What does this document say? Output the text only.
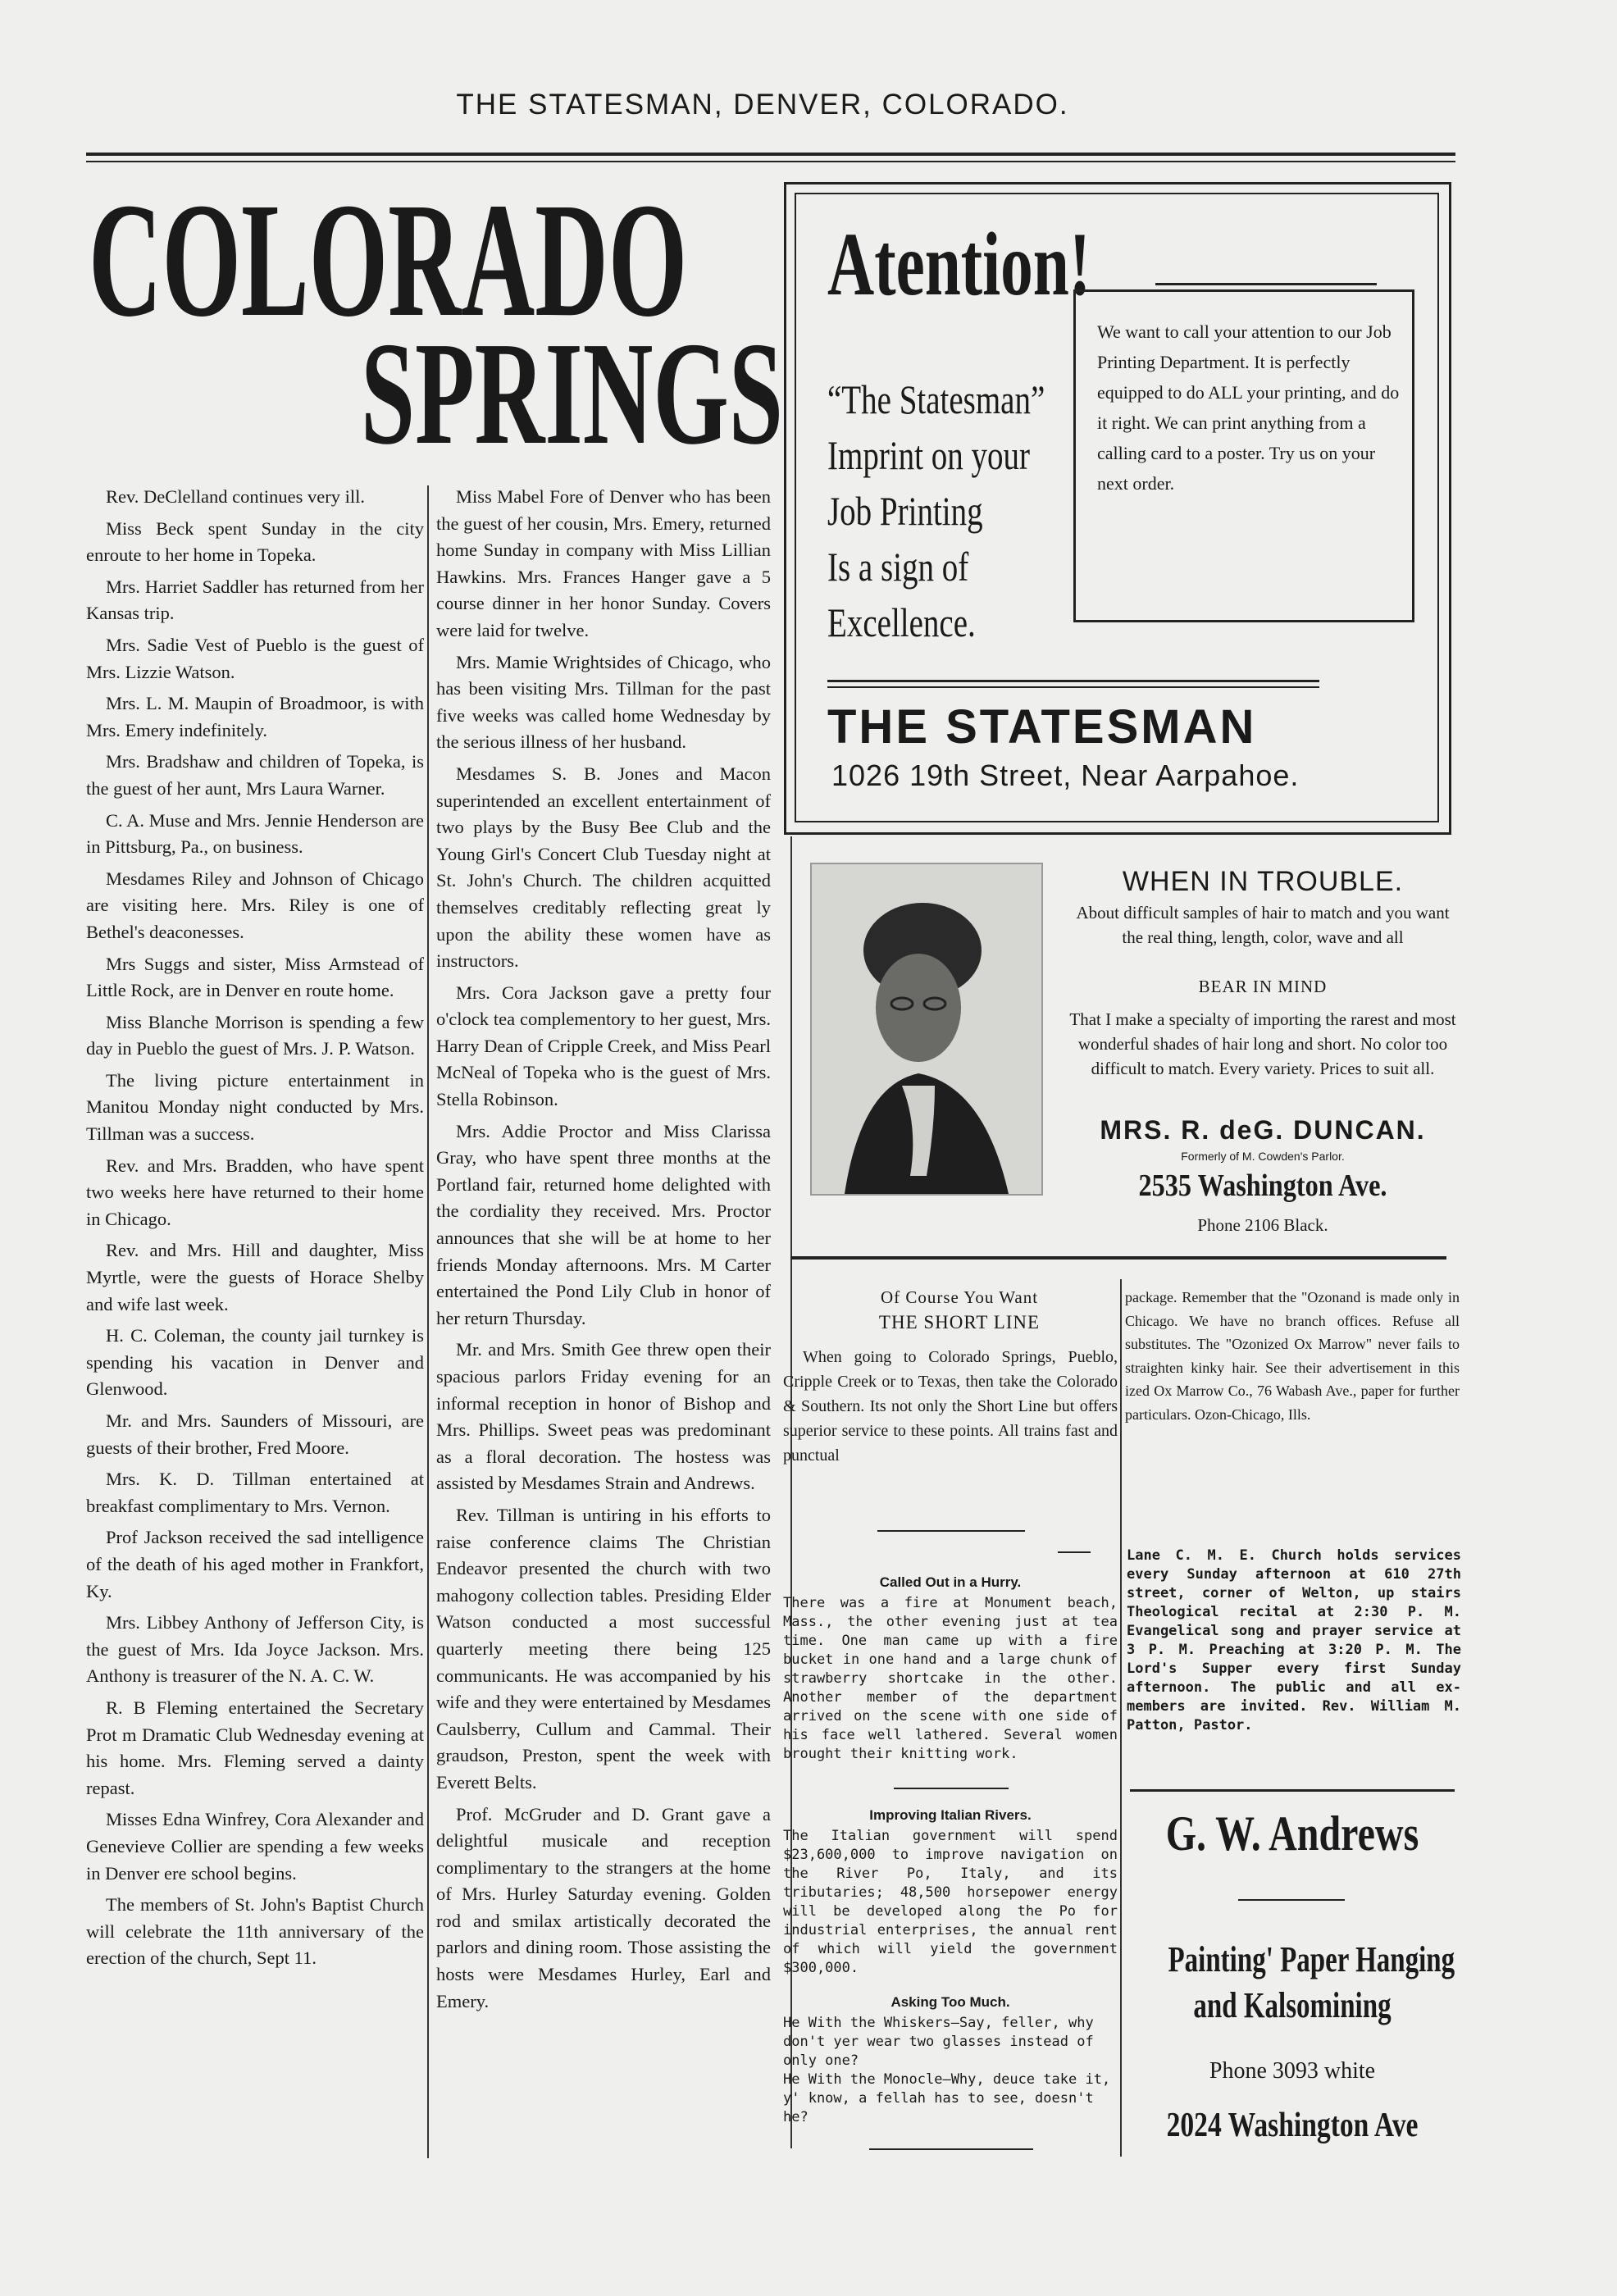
THE STATESMAN, DENVER, COLORADO.
COLORADO
SPRINGS

Rev. DeClelland continues very ill.

Miss Beck spent Sunday in the city enroute to her home in Topeka.

Mrs. Harriet Saddler has returned from her Kansas trip.

Mrs. Sadie Vest of Pueblo is the guest of Mrs. Lizzie Watson.

Mrs. L. M. Maupin of Broadmoor, is with Mrs. Emery indefinitely.

Mrs. Bradshaw and children of Topeka, is the guest of her aunt, Mrs Laura Warner.

C. A. Muse and Mrs. Jennie Henderson are in Pittsburg, Pa., on business.

Mesdames Riley and Johnson of Chicago are visiting here. Mrs. Riley is one of Bethel's deaconesses.

Mrs Suggs and sister, Miss Armstead of Little Rock, are in Denver en route home.

Miss Blanche Morrison is spending a few day in Pueblo the guest of Mrs. J. P. Watson.

The living picture entertainment in Manitou Monday night conducted by Mrs. Tillman was a success.

Rev. and Mrs. Bradden, who have spent two weeks here have returned to their home in Chicago.

Rev. and Mrs. Hill and daughter, Miss Myrtle, were the guests of Horace Shelby and wife last week.

H. C. Coleman, the county jail turnkey is spending his vacation in Denver and Glenwood.

Mr. and Mrs. Saunders of Missouri, are guests of their brother, Fred Moore.

Mrs. K. D. Tillman entertained at breakfast complimentary to Mrs. Vernon.

Prof Jackson received the sad intelligence of the death of his aged mother in Frankfort, Ky.

Mrs. Libbey Anthony of Jefferson City, is the guest of Mrs. Ida Joyce Jackson. Mrs. Anthony is treasurer of the N. A. C. W.

R. B Fleming entertained the Secretary Prot m Dramatic Club Wednesday evening at his home. Mrs. Fleming served a dainty repast.

Misses Edna Winfrey, Cora Alexander and Genevieve Collier are spending a few weeks in Denver ere school begins.

The members of St. John's Baptist Church will celebrate the 11th anniversary of the erection of the church, Sept 11.

Miss Mabel Fore of Denver who has been the guest of her cousin, Mrs. Emery, returned home Sunday in company with Miss Lillian Hawkins. Mrs. Frances Hanger gave a 5 course dinner in her honor Sunday. Covers were laid for twelve.

Mrs. Mamie Wrightsides of Chicago, who has been visiting Mrs. Tillman for the past five weeks was called home Wednesday by the serious illness of her husband.

Mesdames S. B. Jones and Macon superintended an excellent entertainment of two plays by the Busy Bee Club and the Young Girl's Concert Club Tuesday night at St. John's Church. The children acquitted themselves creditably reflecting great ly upon the ability these women have as instructors.

Mrs. Cora Jackson gave a pretty four o'clock tea complementory to her guest, Mrs. Harry Dean of Cripple Creek, and Miss Pearl McNeal of Topeka who is the guest of Mrs. Stella Robinson.

Mrs. Addie Proctor and Miss Clarissa Gray, who have spent three months at the Portland fair, returned home delighted with the cordiality they received. Mrs. Proctor announces that she will be at home to her friends Monday afternoons. Mrs. M Carter entertained the Pond Lily Club in honor of her return Thursday.

Mr. and Mrs. Smith Gee threw open their spacious parlors Friday evening for an informal reception in honor of Bishop and Mrs. Phillips. Sweet peas was predominant as a floral decoration. The hostess was assisted by Mesdames Strain and Andrews.

Rev. Tillman is untiring in his efforts to raise conference claims The Christian Endeavor presented the church with two mahogony collection tables. Presiding Elder Watson conducted a most successful quarterly meeting there being 125 communicants. He was accompanied by his wife and they were entertained by Mesdames Caulsberry, Cullum and Cammal. Their graudson, Preston, spent the week with Everett Belts.

Prof. McGruder and D. Grant gave a delightful musicale and reception complimentary to the strangers at the home of Mrs. Hurley Saturday evening. Golden rod and smilax artistically decorated the parlors and dining room. Those assisting the hosts were Mesdames Hurley, Earl and Emery.

Atention!
“The Statesman”
Imprint on your
Job Printing
Is a sign of
Excellence.
We want to call your attention to our Job Printing Department. It is perfectly equipped to do ALL your printing, and do it right. We can print anything from a calling card to a poster. Try us on your next order.
THE STATESMAN
1026 19th Street, Near Aarpahoe.
WHEN IN TROUBLE.
About difficult samples of hair to match and you want the real thing, length, color, wave and all
BEAR IN MIND
That I make a specialty of importing the rarest and most wonderful shades of hair long and short. No color too difficult to match. Every variety. Prices to suit all.
MRS. R. deG. DUNCAN.
Formerly of M. Cowden's Parlor.
2535 Washington Ave.
Phone 2106 Black.
Of Course You Want
THE SHORT LINE

When going to Colorado Springs, Pueblo, Cripple Creek or to Texas, then take the Colorado & Southern. Its not only the Short Line but offers superior service to these points. All trains fast and punctual

package. Remember that the "Ozonand is made only in Chicago. We have no branch offices. Refuse all substitutes. The "Ozonized Ox Marrow" never fails to straighten kinky hair. See their advertisement in this ized Ox Marrow Co., 76 Wabash Ave., paper for further particulars. Ozon-Chicago, Ills.

Called Out in a Hurry.
There was a fire at Monument beach, Mass., the other evening just at tea time. One man came up with a fire bucket in one hand and a large chunk of strawberry shortcake in the other. Another member of the department arrived on the scene with one side of his face well lathered. Several women brought their knitting work.
Improving Italian Rivers.
The Italian government will spend $23,600,000 to improve navigation on the River Po, Italy, and its tributaries; 48,500 horsepower energy will be developed along the Po for industrial enterprises, the annual rent of which will yield the government $300,000.
Asking Too Much.
He With the Whiskers—Say, feller, why don't yer wear two glasses instead of only one?
He With the Monocle—Why, deuce take it, y' know, a fellah has to see, doesn't he?
Lane C. M. E. Church holds services every Sunday afternoon at 610 27th street, corner of Welton, up stairs Theological recital at 2:30 P. M. Evangelical song and prayer service at 3 P. M. Preaching at 3:20 P. M. The Lord's Supper every first Sunday afternoon. The public and all ex-members are invited. Rev. William M. Patton, Pastor.
G. W. Andrews
Painting' Paper Hanging
and Kalsomining
Phone 3093 white
2024 Washington Ave
